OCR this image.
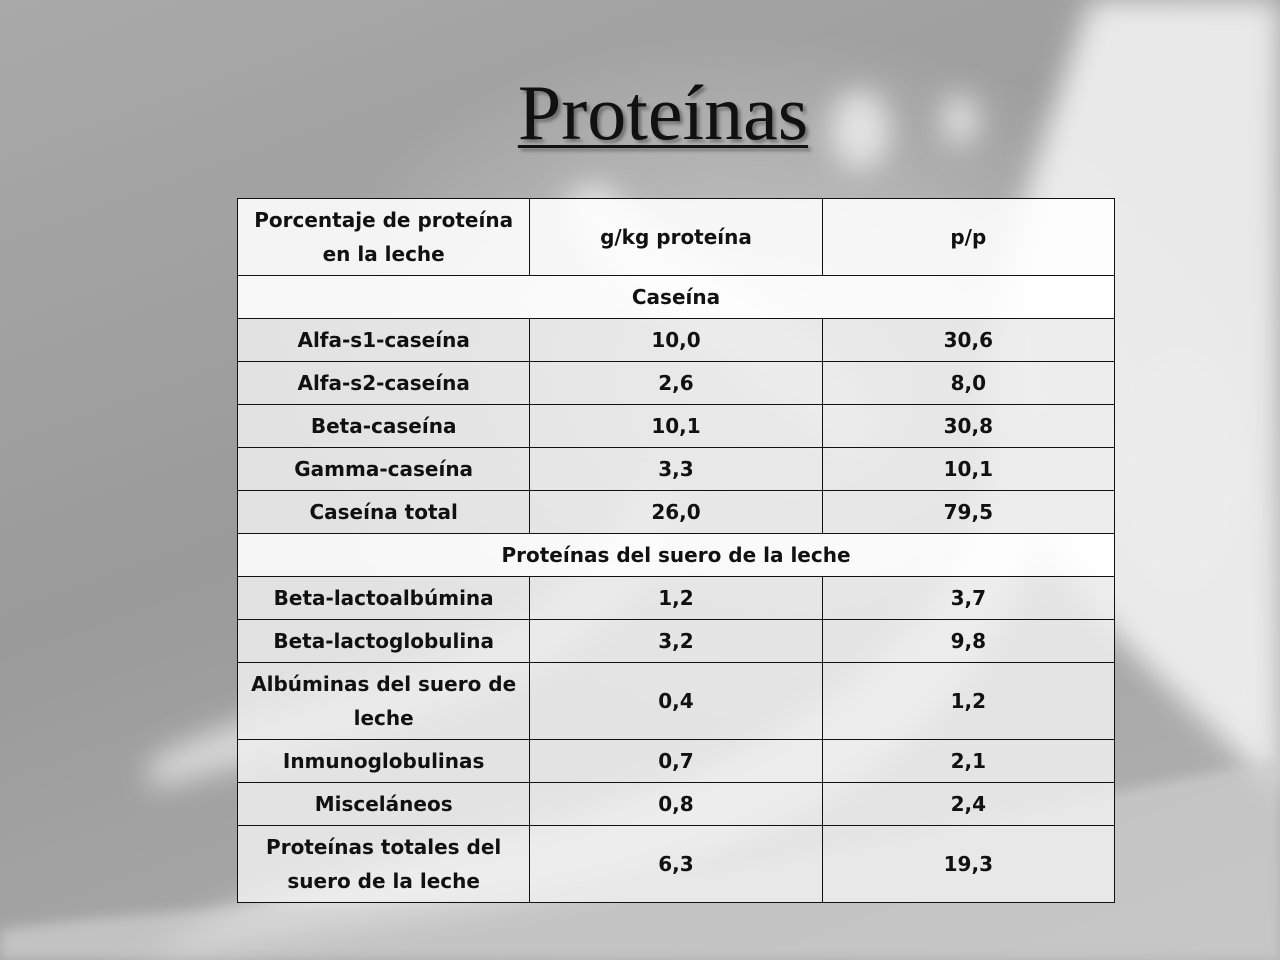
Proteínas
Porcentaje de proteína en la leche	g/kg proteína	p/p
Caseína		
Alfa-s1-caseína	10,0	30,6
Alfa-s2-caseína	2,6	8,0
Beta-caseína	10,1	30,8
Gamma-caseína	3,3	10,1
Caseína total	26,0	79,5
Proteínas del suero de la leche		
Beta-lactoalbúmina	1,2	3,7
Beta-lactoglobulina	3,2	9,8
Albúminas del suero de leche	0,4	1,2
Inmunoglobulinas	0,7	2,1
Misceláneos	0,8	2,4
Proteínas totales del suero de la leche	6,3	19,3
